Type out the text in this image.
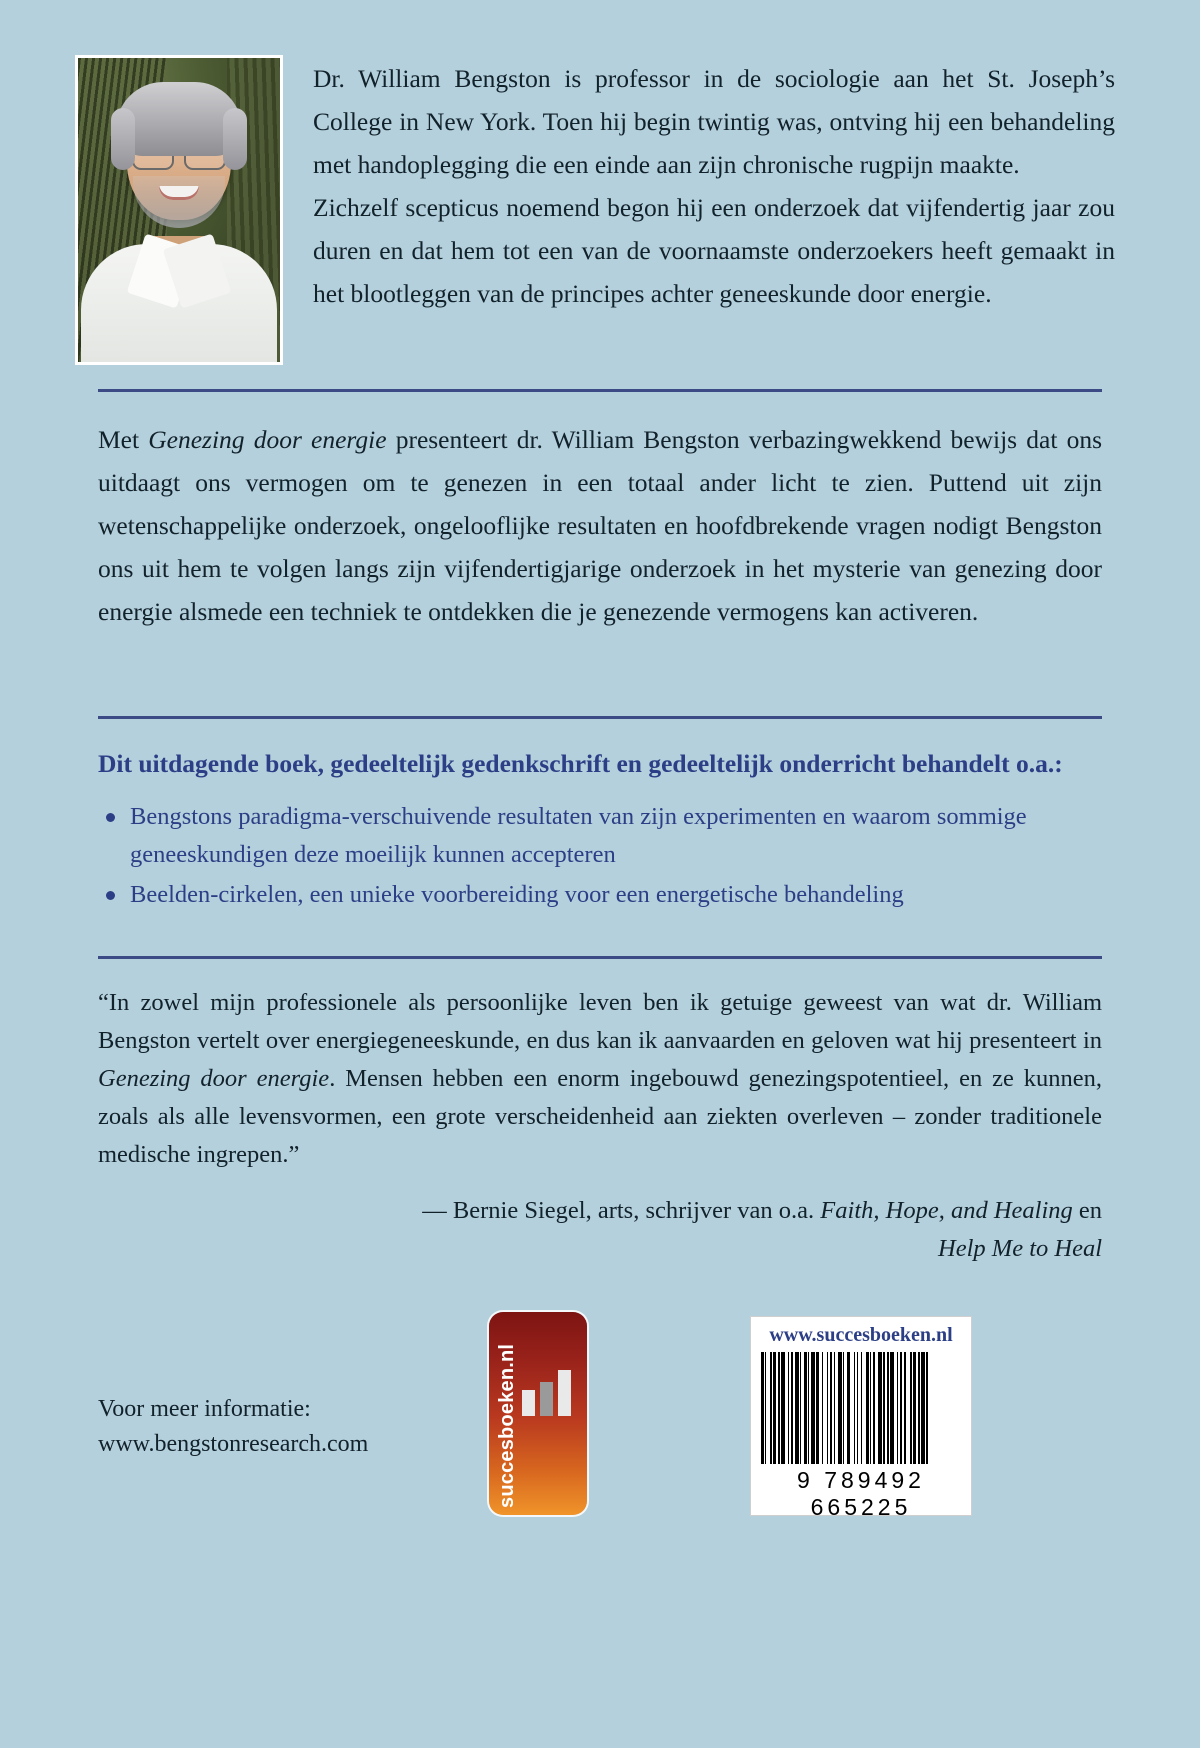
Dr. William Bengston is professor in de sociologie aan het St. Joseph’s College in New York. Toen hij begin twintig was, ontving hij een behandeling met handoplegging die een einde aan zijn chronische rugpijn maakte.

Zichzelf scepticus noemend begon hij een onderzoek dat vijfendertig jaar zou duren en dat hem tot een van de voornaamste onderzoekers heeft gemaakt in het blootleggen van de principes achter geneeskunde door energie.

Met Genezing door energie presenteert dr. William Bengston verbazingwekkend bewijs dat ons uitdaagt ons vermogen om te genezen in een totaal ander licht te zien. Puttend uit zijn wetenschappelijke onderzoek, ongelooflijke resultaten en hoofdbrekende vragen nodigt Bengston ons uit hem te volgen langs zijn vijfendertigjarige onderzoek in het mysterie van genezing door energie alsmede een techniek te ontdekken die je genezende vermogens kan activeren.

Dit uitdagende boek, gedeeltelijk gedenkschrift en gedeeltelijk onderricht behandelt o.a.:

Bengstons paradigma-verschuivende resultaten van zijn experimenten en waarom sommige geneeskundigen deze moeilijk kunnen accepteren
Beelden-cirkelen, een unieke voorbereiding voor een energetische behandeling

“In zowel mijn professionele als persoonlijke leven ben ik getuige geweest van wat dr. William Bengston vertelt over energiegeneeskunde, en dus kan ik aanvaarden en geloven wat hij presenteert in Genezing door energie. Mensen hebben een enorm ingebouwd genezingspotentieel, en ze kunnen, zoals als alle levensvormen, een grote verscheidenheid aan ziekten overleven – zonder traditionele medische ingrepen.”

— Bernie Siegel, arts, schrijver van o.a. Faith, Hope, and Healing en
Help Me to Heal

Voor meer informatie:
www.bengstonresearch.com	succesboeken.nl
www.succesboeken.nl
9 789492 665225
